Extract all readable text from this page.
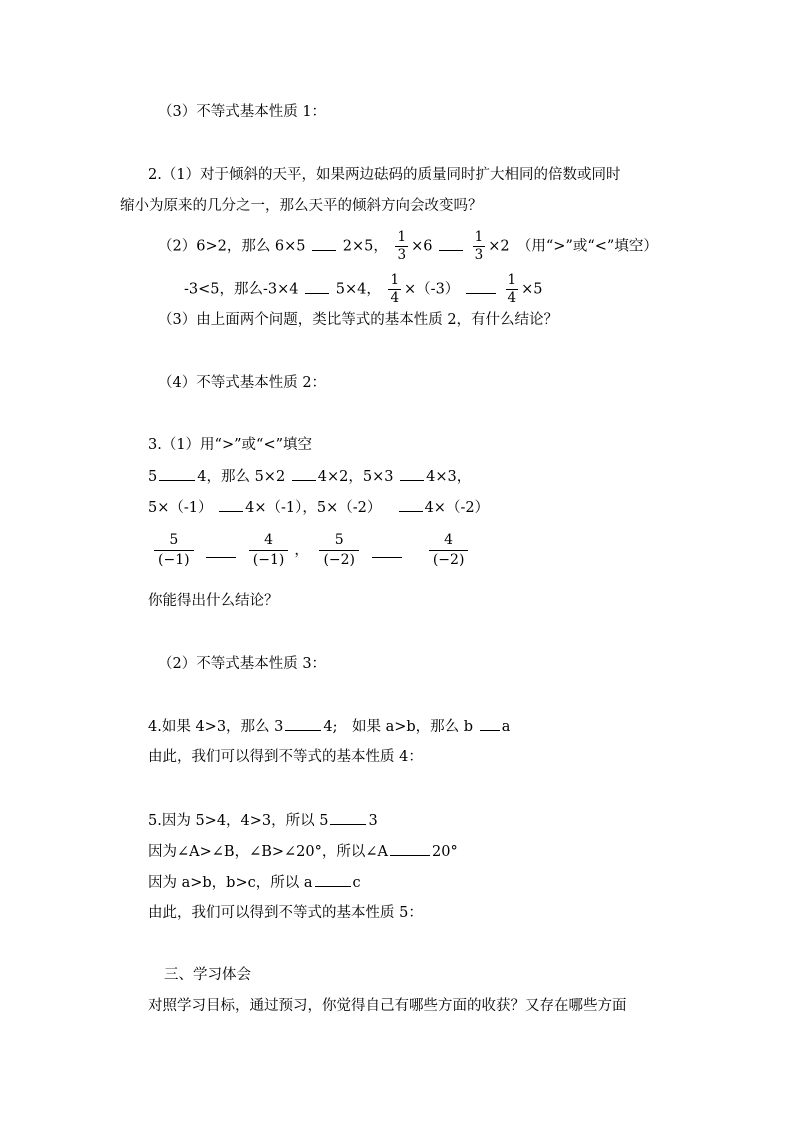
（3）不等式基本性质 1：
2.（1）对于倾斜的天平，如果两边砝码的质量同时扩大相同的倍数或同时
缩小为原来的几分之一，那么天平的倾斜方向会改变吗？
（2）6>2，那么 6×5	2×5， $\frac{1}{3} \times 6$	$\frac{1}{3} \times 2$　（用“>”或“<”填空）
-3<5，那么-3×4	5×4， $\frac{1}{4} \times(-3)$	$\frac{1}{4} \times 5$
（3）由上面两个问题，类比等式的基本性质 2，有什么结论？
（4）不等式基本性质 2：
3.（1）用“>”或“<”填空
5	4，那么 5×2 4×2，5×3 4×3，
5×（-1） 4×（-1），5×（-2）	4×（-2）
$\frac{5}{(-1)}$
	$\frac{4}{(-1)}$ ， $\frac{5}{(-2)}$
	$\frac{4}{(-2)}$
你能得出什么结论？
（2）不等式基本性质 3：
4.如果 4>3，那么 3	4;　如果 a>b，那么 b a
由此，我们可以得到不等式的基本性质 4：
5.因为 5>4，4>3，所以 5	3
因为∠A>∠B，∠B>∠20°，所以∠A	20°
因为 a>b，b>c，所以 a	c
由此，我们可以得到不等式的基本性质 5：
三、学习体会
对照学习目标，通过预习，你觉得自己有哪些方面的收获？又存在哪些方面
